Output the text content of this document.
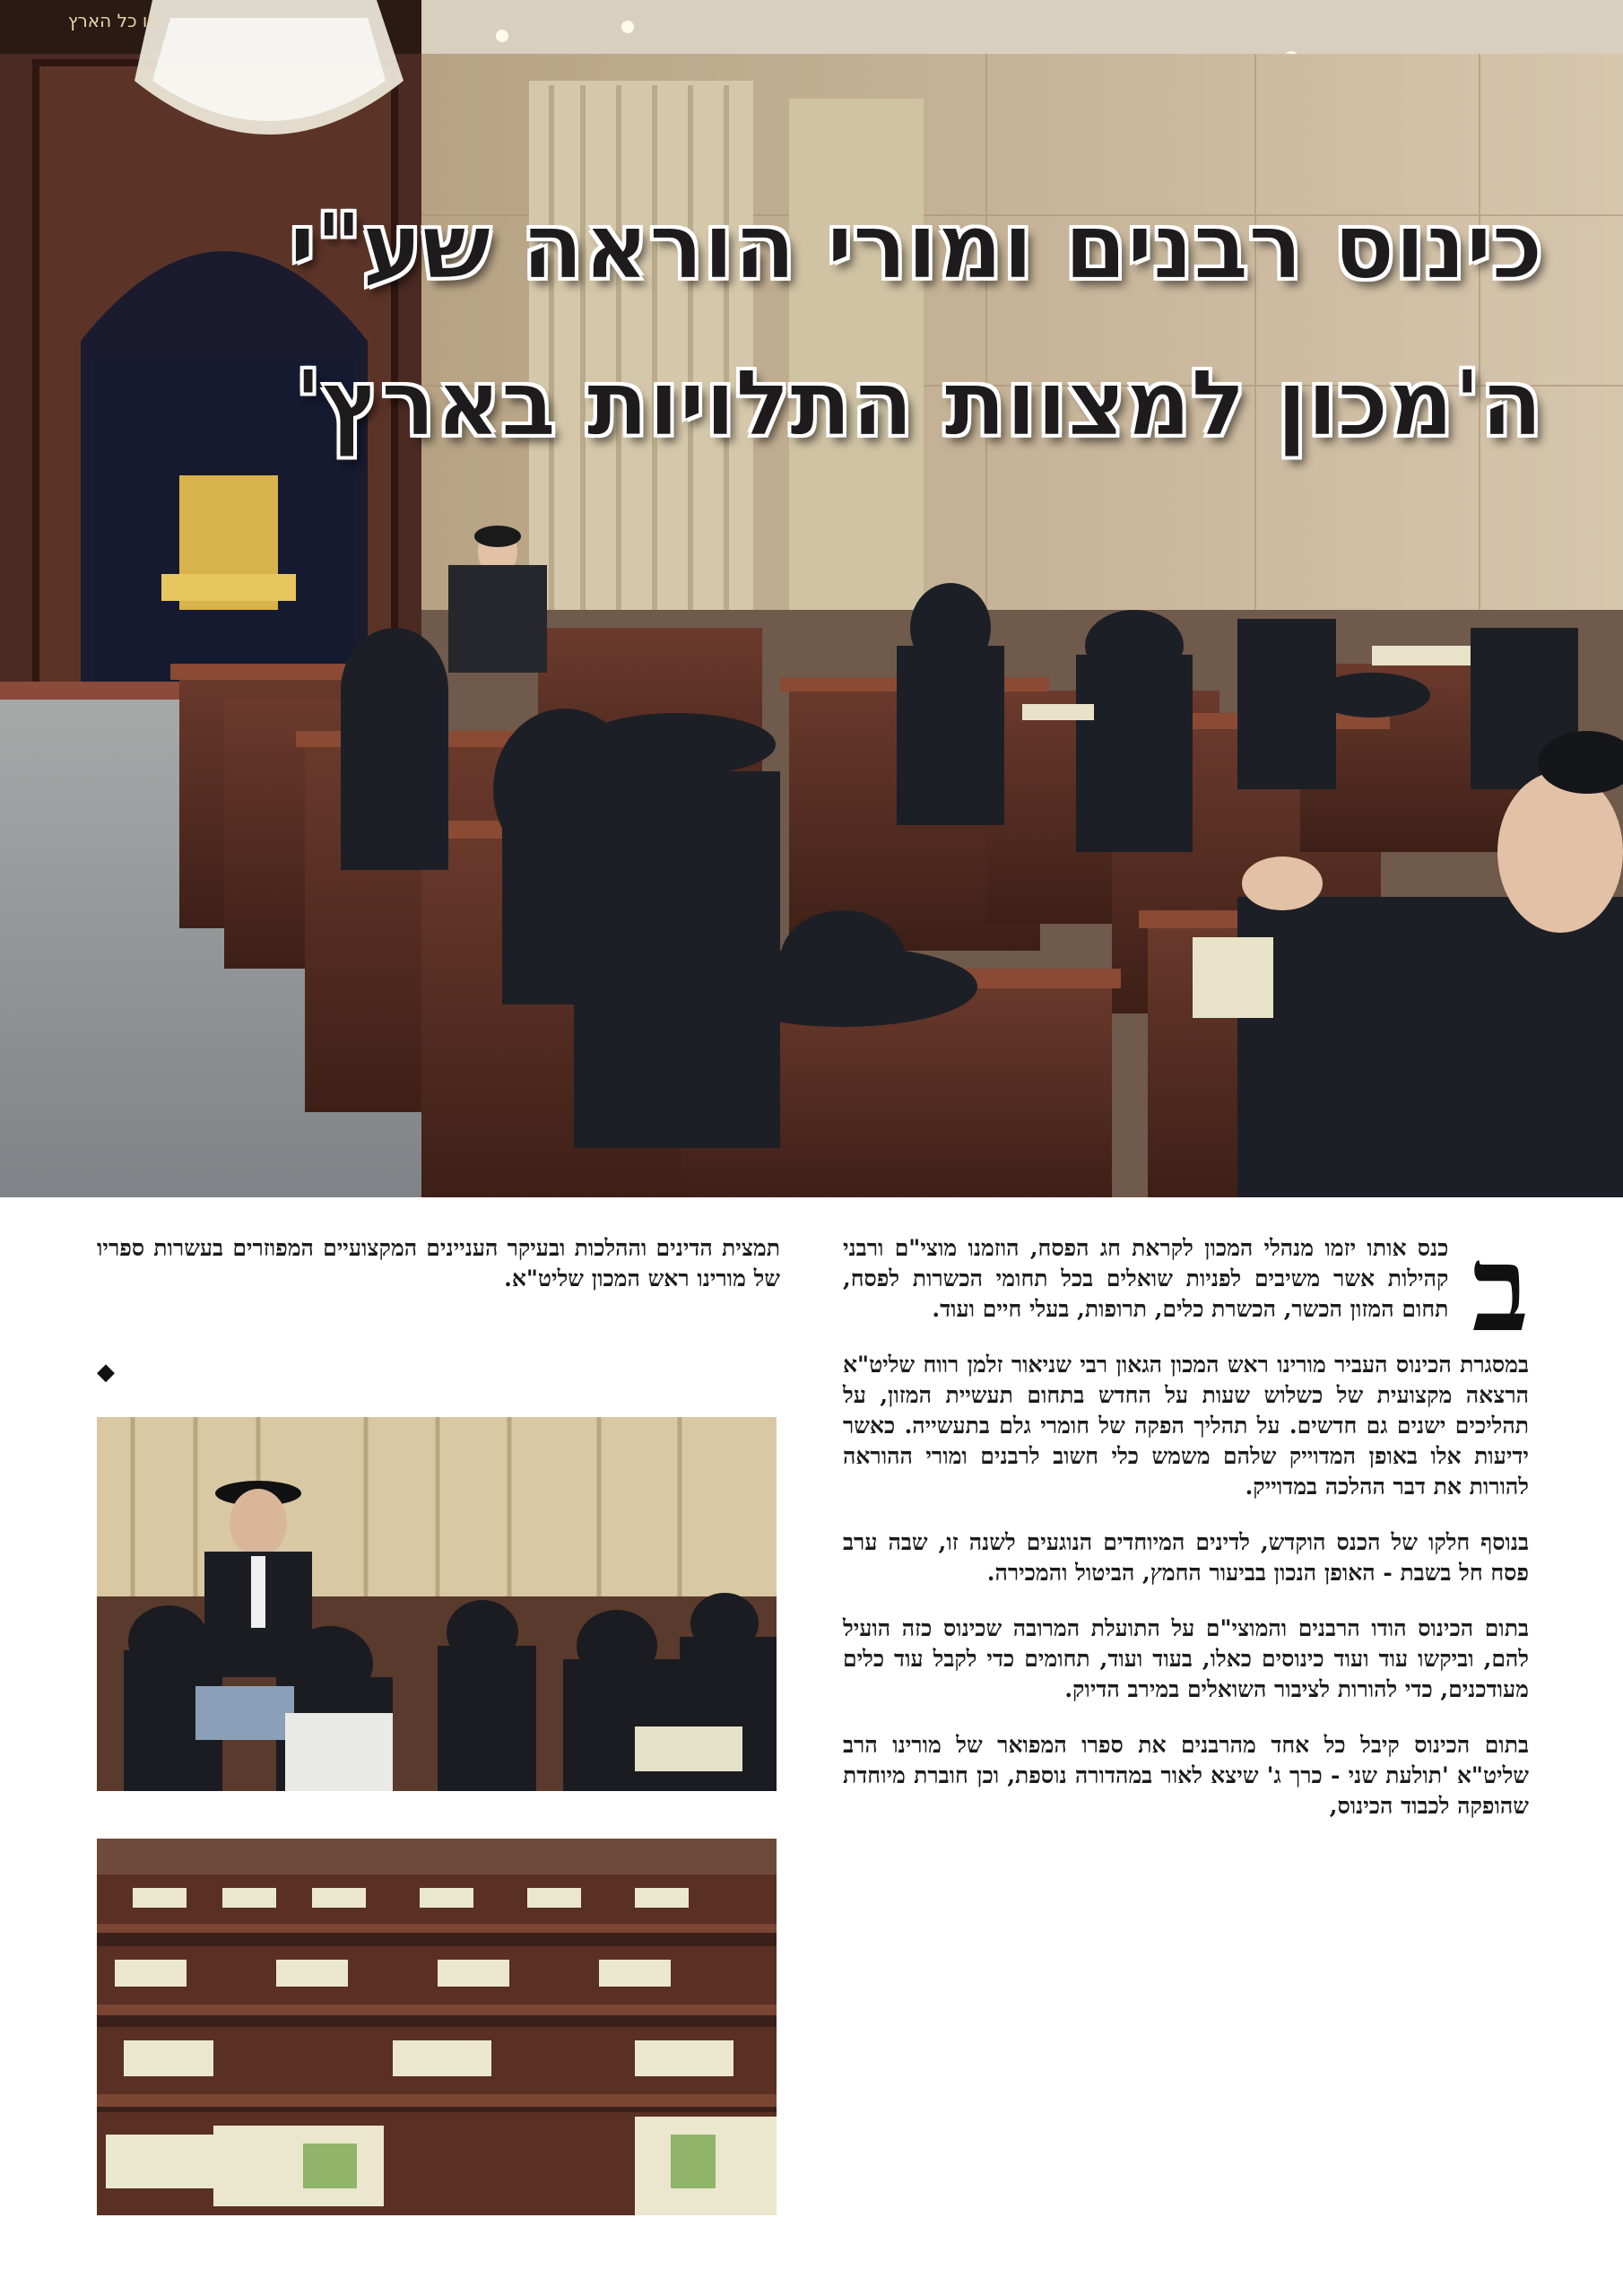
ויו כל הארץ
כינוס רבנים ומורי הוראה שע"י
ה'מכון למצוות התלויות בארץ'

ב
כנס אותו יזמו מנהלי המכון לקראת חג הפסח, הוזמנו מוצי"ם ורבני קהילות אשר משיבים לפניות שואלים בכל תחומי הכשרות לפסח, תחום המזון הכשר, הכשרת כלים, תרופות, בעלי חיים ועוד.

במסגרת הכינוס העביר מורינו ראש המכון הגאון רבי שניאור זלמן רווח שליט"א הרצאה מקצועית של כשלוש שעות על החדש בתחום תעשיית המזון, על תהליכים ישנים גם חדשים. על תהליך הפקה של חומרי גלם בתעשייה. כאשר ידיעות אלו באופן המדוייק שלהם משמש כלי חשוב לרבנים ומורי ההוראה להורות את דבר ההלכה במדוייק.

בנוסף חלקו של הכנס הוקדש, לדינים המיוחדים הנוגעים לשנה זו, שבה ערב פסח חל בשבת - האופן הנכון בביעור החמץ, הביטול והמכירה.

בתום הכינוס הודו הרבנים והמוצי"ם על התועלת המרובה שכינוס כזה הועיל להם, וביקשו עוד ועוד כינוסים כאלו, בעוד ועוד, תחומים כדי לקבל עוד כלים מעודכנים, כדי להורות לציבור השואלים במירב הדיוק.

בתום הכינוס קיבל כל אחד מהרבנים את ספרו המפואר של מורינו הרב שליט"א 'תולעת שני - כרך ג' שיצא לאור במהדורה נוספת, וכן חוברת מיוחדת שהופקה לכבוד הכינוס,

תמצית הדינים וההלכות ובעיקר העניינים המקצועיים המפוזרים בעשרות ספריו של מורינו ראש המכון שליט"א.

◆
